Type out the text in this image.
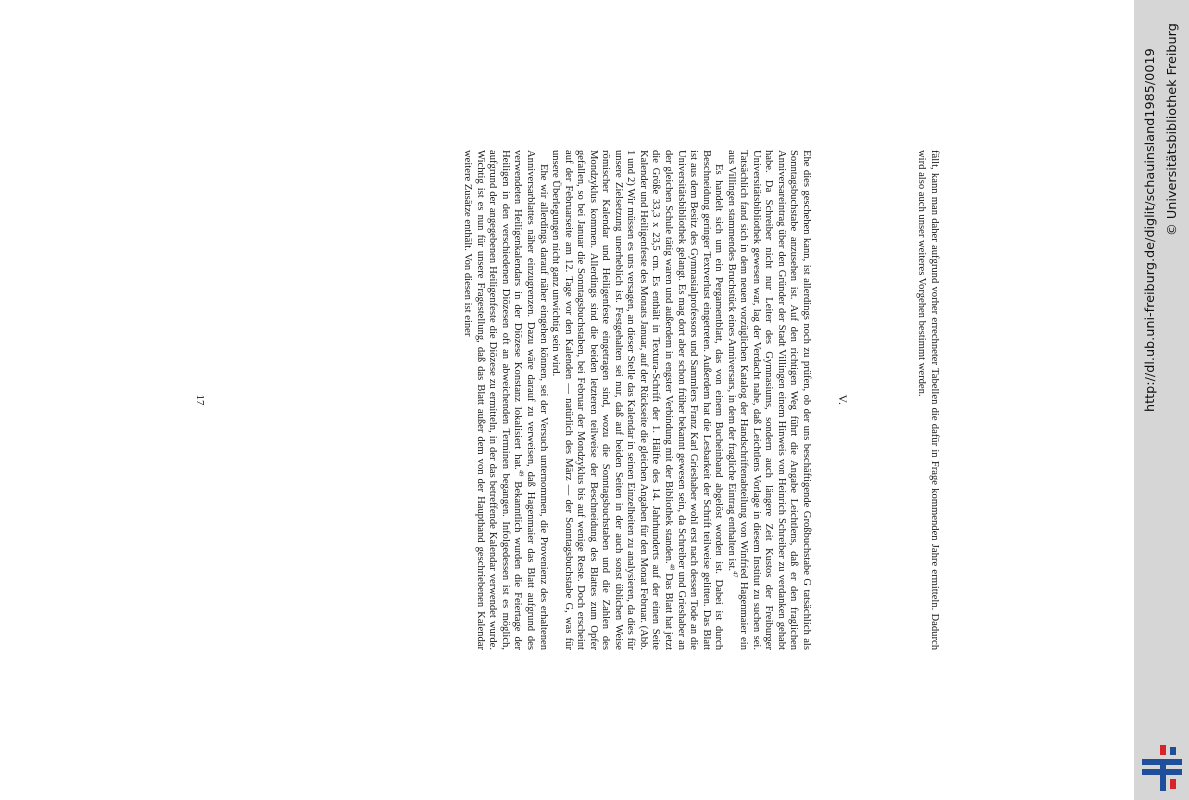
fällt, kann man daher aufgrund vorher errechneter Tabellen die dafür in Frage kommenden Jahre ermitteln. Dadurch wird also auch unser weiteres Vorgehen bestimmt werden.

V.

Ehe dies geschehen kann, ist allerdings noch zu prüfen, ob der uns beschäftigende Großbuchstabe G tatsächlich als Sonntagsbuchstabe anzusehen ist. Auf den richtigen Weg führt die Angabe Leichtlens, daß er den fraglichen Anniversareintrag über den Gründer der Stadt Villingen einem Hinweis von Heinrich Schreiber zu verdanken gehabt habe. Da Schreiber nicht nur Leiter des Gymnasiums, sondern auch längere Zeit Kustos der Freiburger Universitätsbibliothek gewesen war, lag der Verdacht nahe, daß Leichtlens Vorlage in diesem Institut zu suchen sei. Tatsächlich fand sich in dem neuen vorzüglichen Katalog der Handschriftenabteilung von Winfried Hagenmaier ein aus Villingen stammendes Bruchstück eines Anniversars, in dem der fragliche Eintrag enthalten ist.$^{47}$

Es handelt sich um ein Pergamentblatt, das von einem Bucheinband abgelöst worden ist. Dabei ist durch Beschneidung geringer Textverlust eingetreten. Außerdem hat die Lesbarkeit der Schrift teilweise gelitten. Das Blatt ist aus dem Besitz des Gymnasialprofessors und Sammlers Franz Karl Grieshaber wohl erst nach dessen Tode an die Universitätsbibliothek gelangt. Es mag dort aber schon früher bekannt gewesen sein, da Schreiber und Grieshaber an der gleichen Schule tätig waren und außerdem in engster Verbindung mit der Bibliothek standen.$^{48}$ Das Blatt hat jetzt die Größe 33,3 x 23,5 cm. Es enthält in Textura-Schrift der 1. Hälfte des 14. Jahrhunderts auf der einen Seite Kalender und Heiligenfeste des Monats Januar, auf der Rückseite die gleichen Angaben für den Monat Februar. (Abb. 1 und 2) Wir müssen es uns versagen, an dieser Stelle das Kalendar in seinen Einzelheiten zu analysieren, da dies für unsere Zielsetzung unerheblich ist. Festgehalten sei nur, daß auf beiden Seiten in der auch sonst üblichen Weise römischer Kalendar und Heiligenfeste eingetragen sind, wozu die Sonntagsbuchstaben und die Zahlen des Mondzyklus kommen. Allerdings sind die beiden letzteren teilweise der Beschneidung des Blattes zum Opfer gefallen, so bei Januar die Sonntagsbuchstaben, bei Februar der Mondzyklus bis auf wenige Reste. Doch erscheint auf der Februarseite am 12. Tage vor den Kalenden — natürlich des März — der Sonntagsbuchstabe G, was für unsere Überlegungen nicht ganz unwichtig sein wird.

Ehe wir allerdings darauf näher eingehen können, sei der Versuch unternommen, die Provenienz des erhaltenen Anniversarblattes näher einzugrenzen. Dazu wäre darauf zu verweisen, daß Hagenmaier das Blatt aufgrund des verwendeten Heiligenkalendars in der Diözese Konstanz lokalisiert hat.$^{49}$ Bekanntlich wurden die Feiertage der Heiligen in den verschiedenen Diözesen oft an abweichenden Terminen begangen. Infolgedessen ist es möglich, aufgrund der angegebenen Heiligenfeste die Diözese zu ermitteln, in der das betreffende Kalendar verwendet wurde. Wichtig ist es nun für unsere Fragestellung, daß das Blatt außer dem von der Haupthand geschriebenen Kalendar weitere Zusätze enthält. Von diesen ist einer

17	http://dl.ub.uni-freiburg.de/diglit/schauinsland1985/0019 © Universitätsbibliothek Freiburg
